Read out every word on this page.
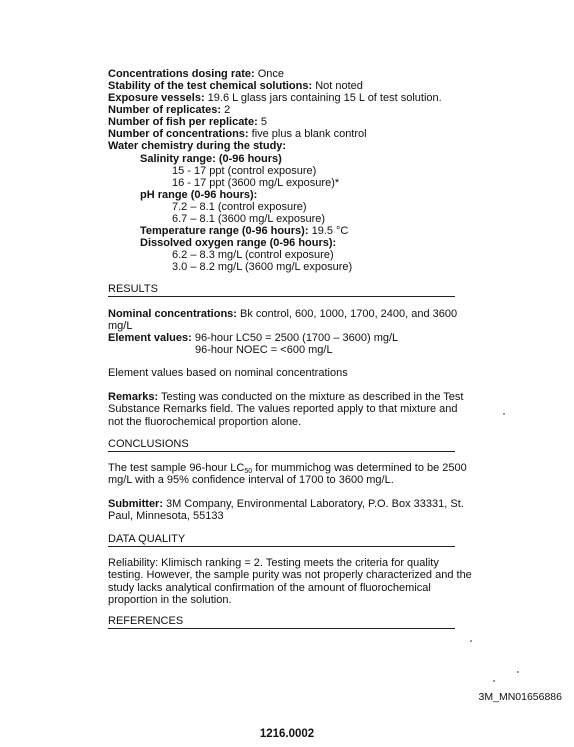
Concentrations dosing rate: Once
Stability of the test chemical solutions: Not noted
Exposure vessels: 19.6 L glass jars containing 15 L of test solution.
Number of replicates: 2
Number of fish per replicate: 5
Number of concentrations: five plus a blank control
Water chemistry during the study:
Salinity range: (0-96 hours)
15 - 17 ppt (control exposure)
16 - 17 ppt (3600 mg/L exposure)*
pH range (0-96 hours):
7.2 – 8.1 (control exposure)
6.7 – 8.1 (3600 mg/L exposure)
Temperature range (0-96 hours): 19.5 °C
Dissolved oxygen range (0-96 hours):
6.2 – 8.3 mg/L (control exposure)
3.0 – 8.2 mg/L (3600 mg/L exposure)
RESULTS
Nominal concentrations: Bk control, 600, 1000, 1700, 2400, and 3600
mg/L
Element values: 96-hour LC50 = 2500 (1700 – 3600) mg/L
96-hour NOEC = <600 mg/L
Element values based on nominal concentrations
Remarks: Testing was conducted on the mixture as described in the Test Substance Remarks field. The values reported apply to that mixture and not the fluorochemical proportion alone.
CONCLUSIONS
The test sample 96-hour $LC_{50}$ for mummichog was determined to be 2500 mg/L with a 95% confidence interval of 1700 to 3600 mg/L.
Submitter: 3M Company, Environmental Laboratory, P.O. Box 33331, St. Paul, Minnesota, 55133
DATA QUALITY
Reliability: Klimisch ranking = 2. Testing meets the criteria for quality testing. However, the sample purity was not properly characterized and the study lacks analytical confirmation of the amount of fluorochemical proportion in the solution.
REFERENCES
3M_MN01656886
1216.0002
